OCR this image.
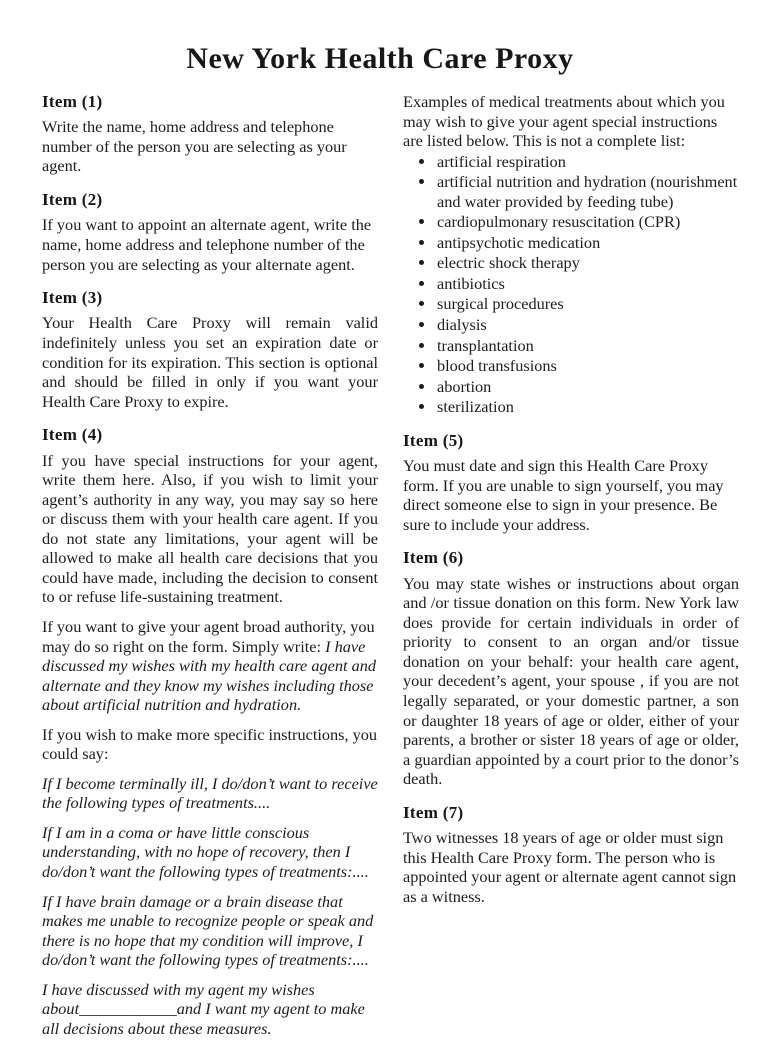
New York Health Care Proxy
Item (1)

Write the name, home address and telephone number of the person you are selecting as your agent.

Item (2)

If you want to appoint an alternate agent, write the name, home address and telephone number of the person you are selecting as your alternate agent.

Item (3)

Your Health Care Proxy will remain valid indefinitely unless you set an expiration date or condition for its expiration. This section is optional and should be filled in only if you want your Health Care Proxy to expire.

Item (4)

If you have special instructions for your agent, write them here. Also, if you wish to limit your agent’s authority in any way, you may say so here or discuss them with your health care agent. If you do not state any limitations, your agent will be allowed to make all health care decisions that you could have made, including the decision to consent to or refuse life-sustaining treatment.

If you want to give your agent broad authority, you may do so right on the form. Simply write: I have discussed my wishes with my health care agent and alternate and they know my wishes including those about artificial nutrition and hydration.

If you wish to make more specific instructions, you could say:

If I become terminally ill, I do/don’t want to receive the following types of treatments....

If I am in a coma or have little conscious understanding, with no hope of recovery, then I do/don’t want the following types of treatments:....

If I have brain damage or a brain disease that makes me unable to recognize people or speak and there is no hope that my condition will improve, I do/don’t want the following types of treatments:....

I have discussed with my agent my wishes about____________and I want my agent to make all decisions about these measures.

Examples of medical treatments about which you may wish to give your agent special instructions are listed below. This is not a complete list:

• artificial respiration
• artificial nutrition and hydration (nourishment and water provided by feeding tube)
• cardiopulmonary resuscitation (CPR)
• antipsychotic medication
• electric shock therapy
• antibiotics
• surgical procedures
• dialysis
• transplantation
• blood transfusions
• abortion
• sterilization
Item (5)

You must date and sign this Health Care Proxy form. If you are unable to sign yourself, you may direct someone else to sign in your presence. Be sure to include your address.

Item (6)

You may state wishes or instructions about organ and /or tissue donation on this form. New York law does provide for certain individuals in order of priority to consent to an organ and/or tissue donation on your behalf: your health care agent, your decedent’s agent, your spouse , if you are not legally separated, or your domestic partner, a son or daughter 18 years of age or older, either of your parents, a brother or sister 18 years of age or older, a guardian appointed by a court prior to the donor’s death.

Item (7)

Two witnesses 18 years of age or older must sign this Health Care Proxy form. The person who is appointed your agent or alternate agent cannot sign as a witness.
